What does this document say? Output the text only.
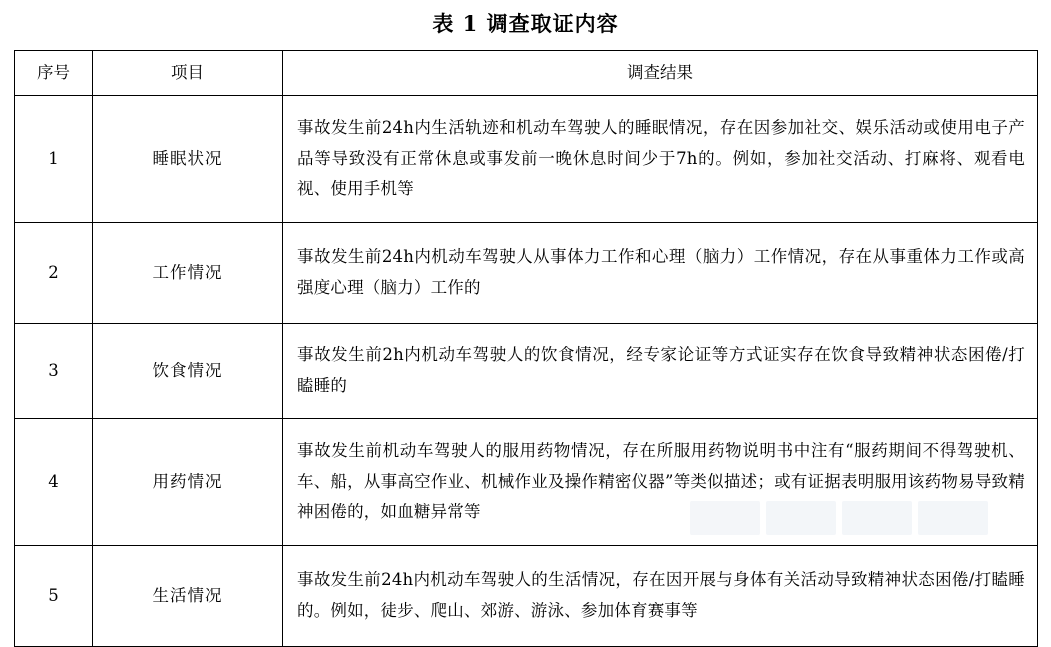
表 1 调查取证内容
序号	项目	调查结果
1	睡眠状况	事故发生前24h内生活轨迹和机动车驾驶人的睡眠情况，存在因参加社交、娱乐活动或使用电子产品等导致没有正常休息或事发前一晚休息时间少于7h的。例如，参加社交活动、打麻将、观看电视、使用手机等
2	工作情况	事故发生前24h内机动车驾驶人从事体力工作和心理（脑力）工作情况，存在从事重体力工作或高强度心理（脑力）工作的
3	饮食情况	事故发生前2h内机动车驾驶人的饮食情况，经专家论证等方式证实存在饮食导致精神状态困倦/打瞌睡的
4	用药情况	事故发生前机动车驾驶人的服用药物情况，存在所服用药物说明书中注有“服药期间不得驾驶机、车、船，从事高空作业、机械作业及操作精密仪器”等类似描述；或有证据表明服用该药物易导致精神困倦的，如血糖异常等
5	生活情况	事故发生前24h内机动车驾驶人的生活情况，存在因开展与身体有关活动导致精神状态困倦/打瞌睡的。例如，徒步、爬山、郊游、游泳、参加体育赛事等
